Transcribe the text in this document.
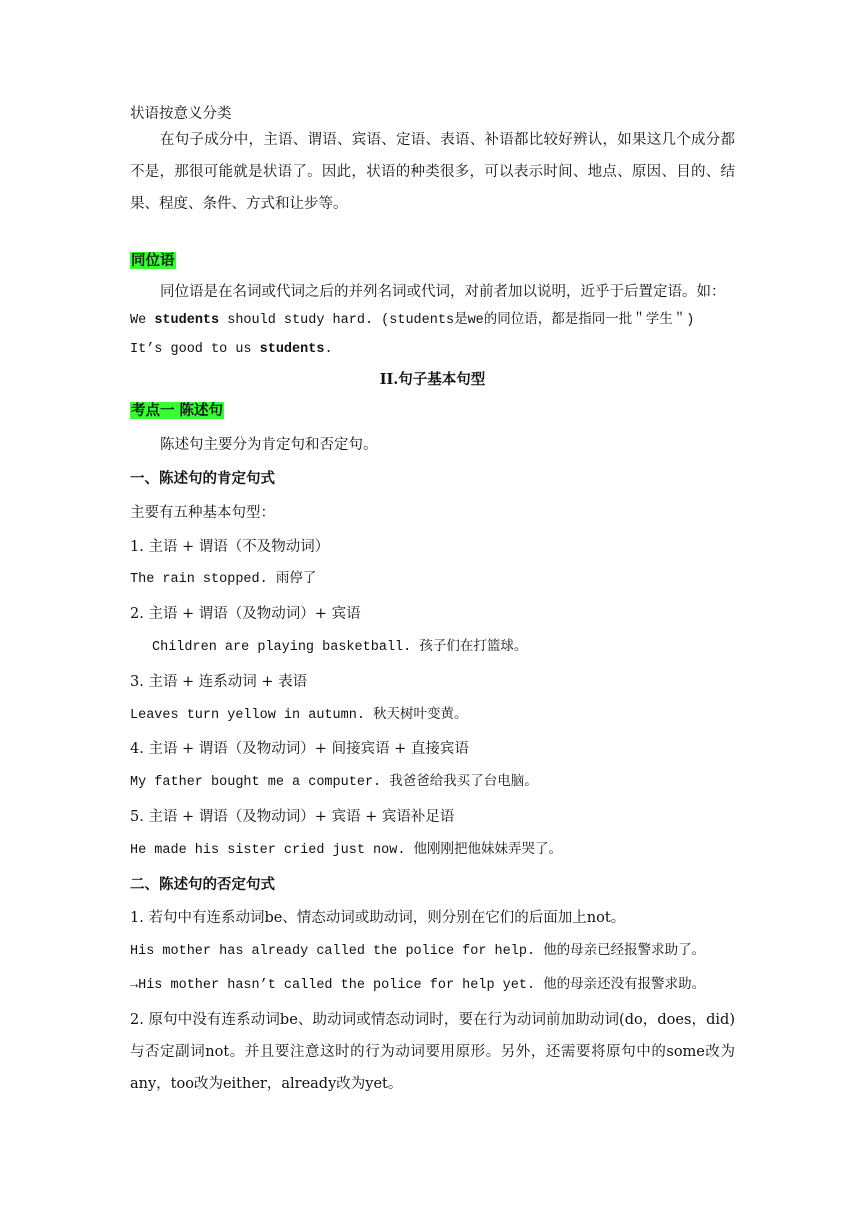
状语按意义分类
在句子成分中，主语、谓语、宾语、定语、表语、补语都比较好辨认，如果这几个成分都不是，那很可能就是状语了。因此，状语的种类很多，可以表示时间、地点、原因、目的、结果、程度、条件、方式和让步等。
同位语
同位语是在名词或代词之后的并列名词或代词，对前者加以说明，近乎于后置定语。如：
We students should study hard. (students是we的同位语，都是指同一批＂学生＂)
It’s good to us students.
II.句子基本句型
考点一 陈述句
陈述句主要分为肯定句和否定句。
一、陈述句的肯定句式
主要有五种基本句型：
1. 主语 + 谓语（不及物动词）
The rain stopped. 雨停了
2. 主语 + 谓语（及物动词）+ 宾语
Children are playing basketball. 孩子们在打篮球。
3. 主语 + 连系动词 + 表语
Leaves turn yellow in autumn. 秋天树叶变黄。
4. 主语 + 谓语（及物动词）+ 间接宾语 + 直接宾语
My father bought me a computer. 我爸爸给我买了台电脑。
5. 主语 + 谓语（及物动词）+ 宾语 + 宾语补足语
He made his sister cried just now. 他刚刚把他妹妹弄哭了。
二、陈述句的否定句式
1. 若句中有连系动词be、情态动词或助动词，则分别在它们的后面加上not。
His mother has already called the police for help. 他的母亲已经报警求助了。
→His mother hasn’t called the police for help yet. 他的母亲还没有报警求助。
2. 原句中没有连系动词be、助动词或情态动词时，要在行为动词前加助动词(do，does，did)与否定副词not。并且要注意这时的行为动词要用原形。另外，还需要将原句中的some改为any，too改为either，already改为yet。
